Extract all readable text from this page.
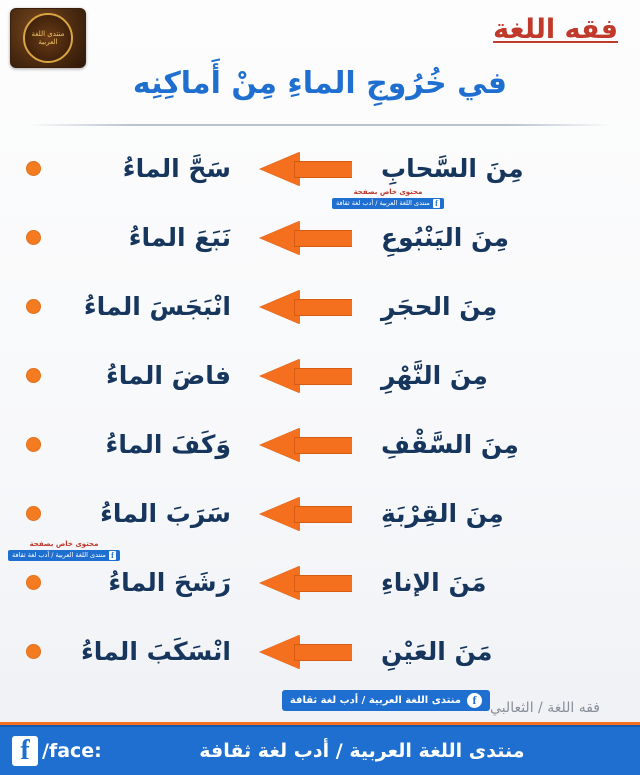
منتدى اللغة العربية	فقه اللغة
في خُرُوجِ الماءِ مِنْ أَماكِنِه
سَحَّ الماءُ	مِنَ السَّحابِ
نَبَعَ الماءُ	مِنَ اليَنْبُوعِ
انْبَجَسَ الماءُ	مِنَ الحجَرِ
فاضَ الماءُ	مِنَ النَّهْرِ
وَكَفَ الماءُ	مِنَ السَّقْفِ
سَرَبَ الماءُ	مِنَ القِرْبَةِ
رَشَحَ الماءُ	مَنَ الإناءِ
انْسَكَبَ الماءُ	مَنَ العَيْنِ
محتوى خاص بصفحة
f
منتدى اللغة العربية / أدب لغة ثقافة
محتوى خاص بصفحة
f
منتدى اللغة العربية / أدب لغة ثقافة
f
منتدى اللغة العربية / أدب لغة ثقافة فقه اللغة / الثعالبي
منتدى اللغة العربية / أدب لغة ثقافة
f /face:
